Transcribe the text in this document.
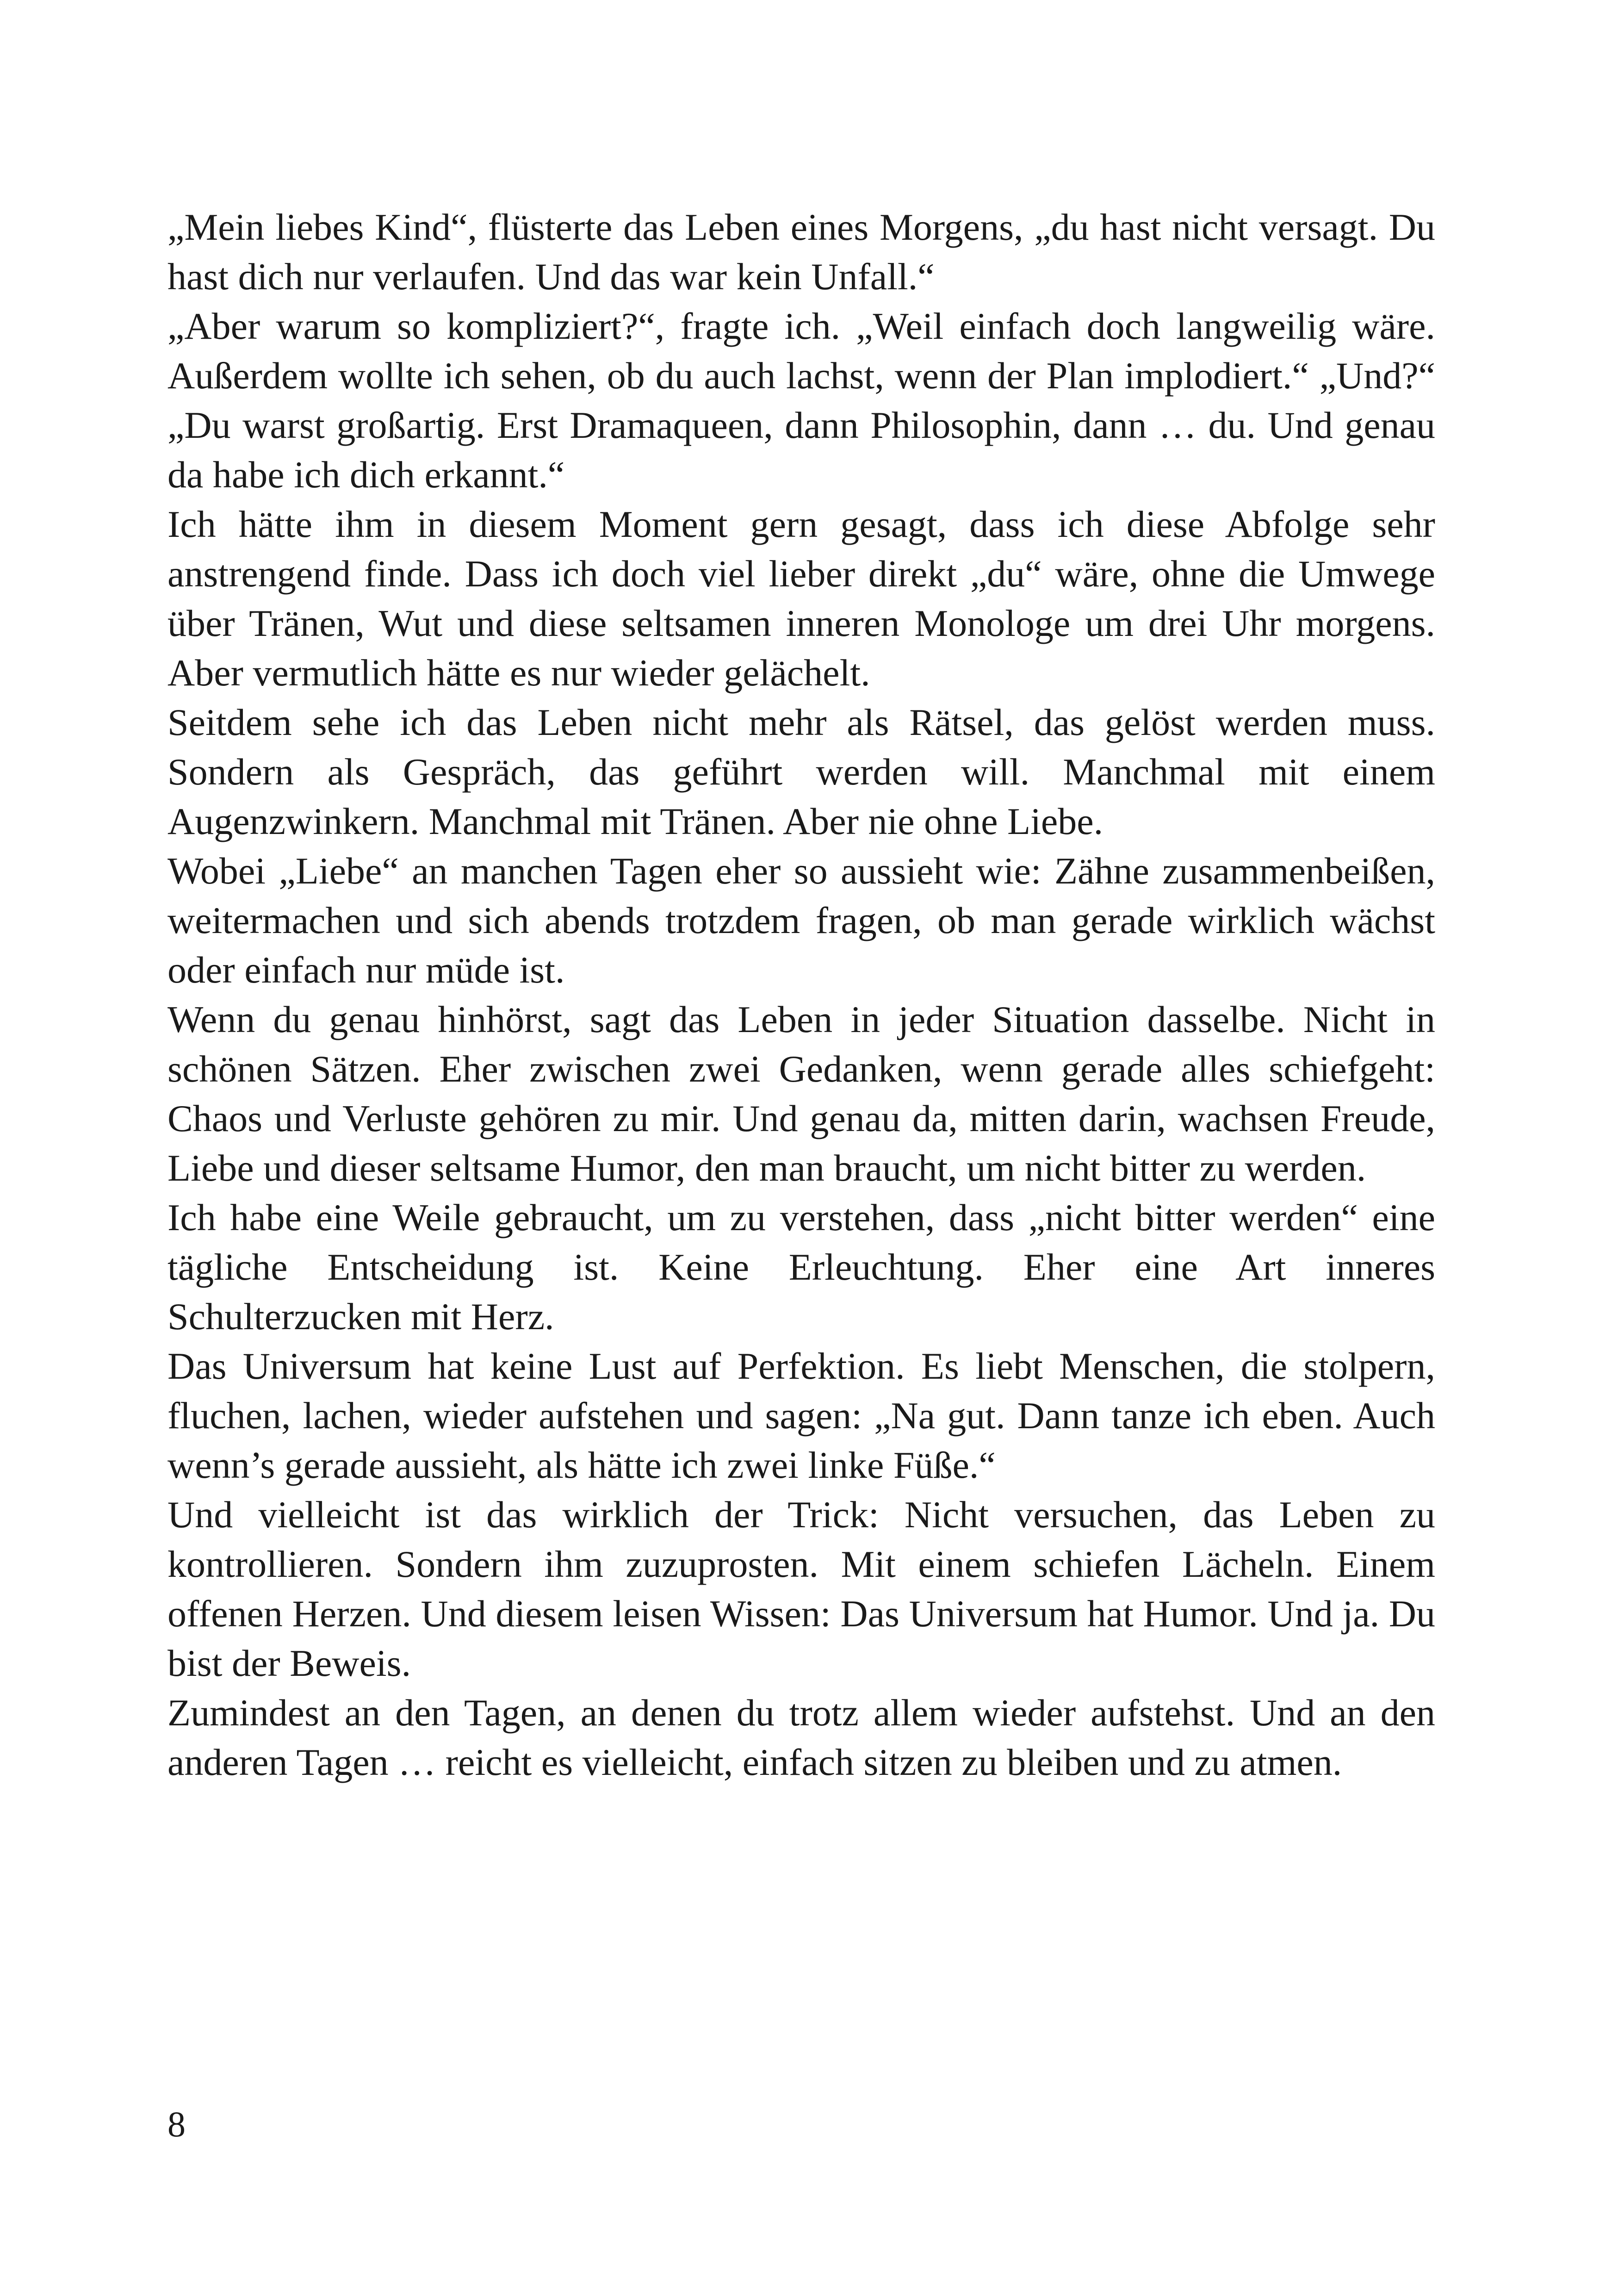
„Mein liebes Kind“, flüsterte das Leben eines Morgens, „du hast nicht versagt. Du hast dich nur verlaufen. Und das war kein Unfall.“

„Aber warum so kompliziert?“, fragte ich. „Weil einfach doch langweilig wäre. Außerdem wollte ich sehen, ob du auch lachst, wenn der Plan implodiert.“ „Und?“ „Du warst großartig. Erst Dramaqueen, dann Philosophin, dann … du. Und genau da habe ich dich erkannt.“

Ich hätte ihm in diesem Moment gern gesagt, dass ich diese Abfolge sehr anstrengend finde. Dass ich doch viel lieber direkt „du“ wäre, ohne die Umwege über Tränen, Wut und diese seltsamen inneren Monologe um drei Uhr morgens. Aber vermutlich hätte es nur wieder gelächelt.

Seitdem sehe ich das Leben nicht mehr als Rätsel, das gelöst werden muss. Sondern als Gespräch, das geführt werden will. Manchmal mit einem Augenzwinkern. Manchmal mit Tränen. Aber nie ohne Liebe.

Wobei „Liebe“ an manchen Tagen eher so aussieht wie: Zähne zusammenbeißen, weitermachen und sich abends trotzdem fragen, ob man gerade wirklich wächst oder einfach nur müde ist.

Wenn du genau hinhörst, sagt das Leben in jeder Situation dasselbe. Nicht in schönen Sätzen. Eher zwischen zwei Gedanken, wenn gerade alles schiefgeht: Chaos und Verluste gehören zu mir. Und genau da, mitten darin, wachsen Freude, Liebe und dieser seltsame Humor, den man braucht, um nicht bitter zu werden.

Ich habe eine Weile gebraucht, um zu verstehen, dass „nicht bitter werden“ eine tägliche Entscheidung ist. Keine Erleuchtung. Eher eine Art inneres Schulterzucken mit Herz.

Das Universum hat keine Lust auf Perfektion. Es liebt Menschen, die stolpern, fluchen, lachen, wieder aufstehen und sagen: „Na gut. Dann tanze ich eben. Auch wenn’s gerade aussieht, als hätte ich zwei linke Füße.“

Und vielleicht ist das wirklich der Trick: Nicht versuchen, das Leben zu kontrollieren. Sondern ihm zuzuprosten. Mit einem schiefen Lächeln. Einem offenen Herzen. Und diesem leisen Wissen: Das Universum hat Humor. Und ja. Du bist der Beweis.

Zumindest an den Tagen, an denen du trotz allem wieder aufstehst. Und an den anderen Tagen … reicht es vielleicht, einfach sitzen zu bleiben und zu atmen.

8
